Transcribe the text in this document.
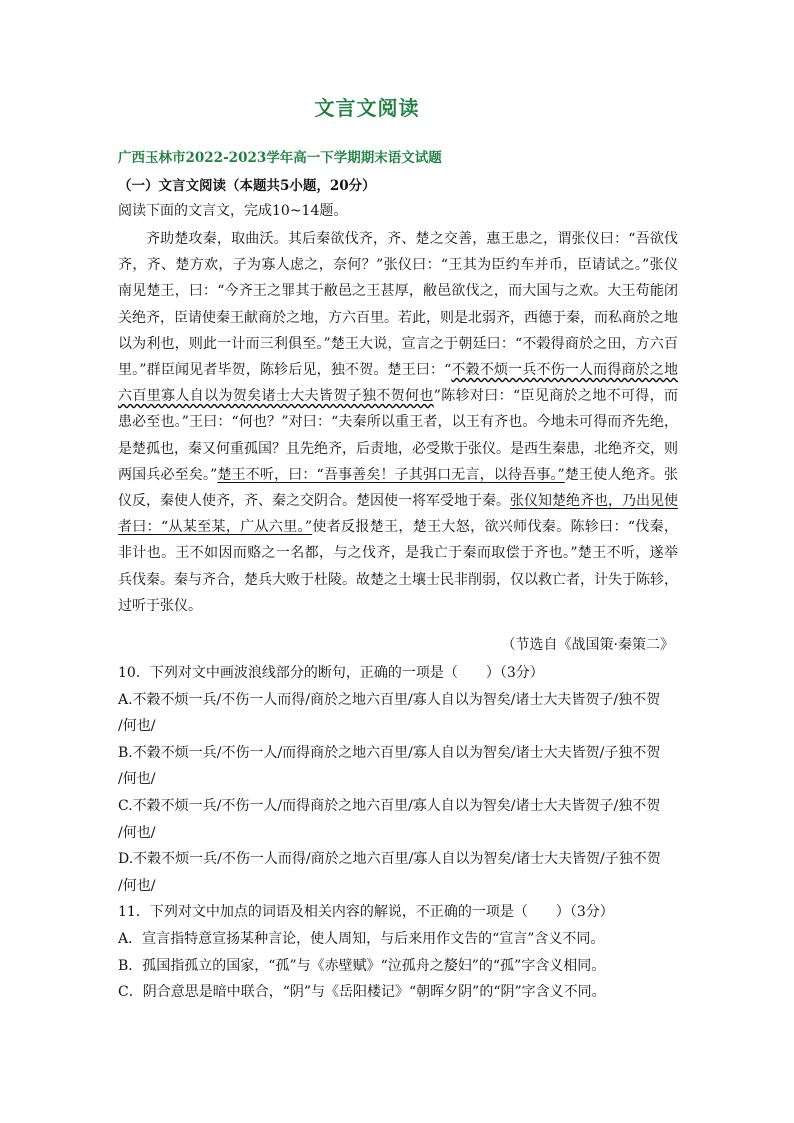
文言文阅读
广西玉林市2022-2023学年高一下学期期末语文试题
（一）文言文阅读（本题共5小题，20分）
阅读下面的文言文，完成10~14题。

齐助楚攻秦，取曲沃。其后秦欲伐齐，齐、楚之交善，惠王患之，谓张仪曰：“吾欲伐齐，齐、楚方欢，子为寡人虑之，奈何？”张仪曰：“王其为臣约车并币，臣请试之。”张仪南见楚王，曰：“今齐王之罪其于敝邑之王甚厚，敝邑欲伐之，而大国与之欢。大王苟能闭关绝齐，臣请使秦王献商於之地，方六百里。若此，则是北弱齐，西德于秦，而私商於之地以为利也，则此一计而三利俱至。”楚王大说，宣言之于朝廷曰：“不榖得商於之田，方六百里。”群臣闻见者毕贺，陈轸后见，独不贺。楚王曰：“不穀不烦一兵不伤一人而得商於之地六百里寡人自以为贺矣诸士大夫皆贺子独不贺何也”陈轸对曰：“臣见商於之地不可得，而患必至也。”王曰：“何也？”对曰：“夫秦所以重王者，以王有齐也。今地未可得而齐先绝，是楚孤也，秦又何重孤国？且先绝齐，后责地，必受欺于张仪。是西生秦患，北绝齐交，则两国兵必至矣。”楚王不听，曰：“吾事善矣！子其弭口无言，以待吾事。”楚王使人绝齐。张仪反，秦使人使齐，齐、秦之交阴合。楚因使一将军受地于秦。张仪知楚绝齐也，乃出见使者曰：“从某至某，广从六里。”使者反报楚王，楚王大怒，欲兴师伐秦。陈轸曰：“伐秦，非计也。王不如因而赂之一名都，与之伐齐，是我亡于秦而取偿于齐也。”楚王不听，遂举兵伐秦。秦与齐合，楚兵大败于杜陵。故楚之土壤士民非削弱，仅以救亡者，计失于陈轸，过听于张仪。

（节选自《战国策·秦策二》
10．下列对文中画波浪线部分的断句，正确的一项是（　　）（3分）
A.不穀不烦一兵/不伤一人而得/商於之地六百里/寡人自以为智矣/诸士大夫皆贺子/独不贺
/何也/
B.不穀不烦一兵/不伤一人/而得商於之地六百里/寡人自以为智矣/诸士大夫皆贺/子独不贺
/何也/
C.不穀不烦一兵/不伤一人/而得商於之地六百里/寡人自以为智矣/诸士大夫皆贺子/独不贺
/何也/
D.不穀不烦一兵/不伤一人而得/商於之地六百里/寡人自以为智矣/诸士大夫皆贺/子独不贺
/何也/
11．下列对文中加点的词语及相关内容的解说，不正确的一项是（　　）（3分）
A．宣言指特意宣扬某种言论，使人周知，与后来用作文告的“宣言”含义不同。
B．孤国指孤立的国家，“孤”与《赤壁赋》“泣孤舟之嫠妇”的“孤”字含义相同。
C．阴合意思是暗中联合，“阴”与《岳阳楼记》“朝晖夕阴”的“阴”字含义不同。
